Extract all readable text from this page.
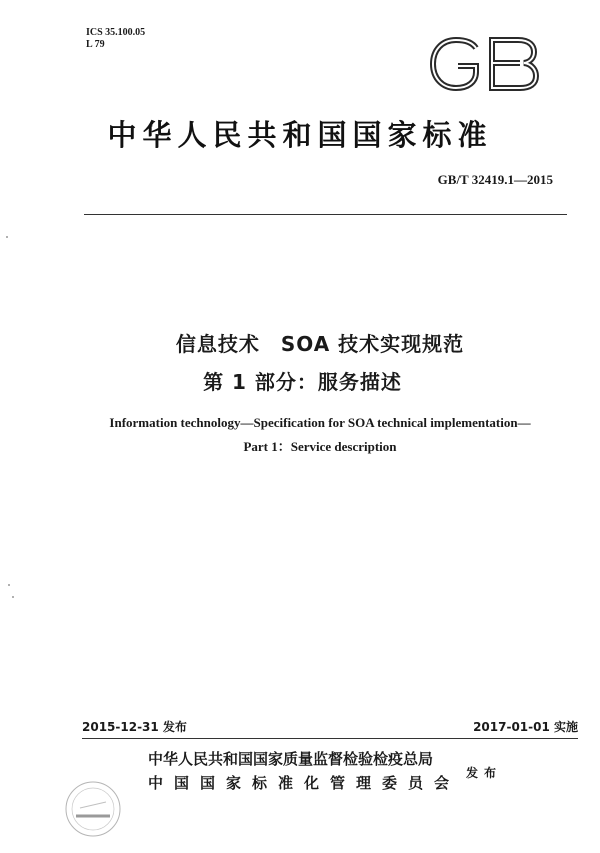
ICS 35.100.05
L 79
中华人民共和国国家标准
GB/T 32419.1—2015
信息技术　SOA 技术实现规范
第 1 部分：服务描述
Information technology—Specification for SOA technical implementation—
Part 1：Service description
2015-12-31 发布	2017-01-01 实施
中华人民共和国国家质量监督检验检疫总局
中国国家标准化管理委员会
发布
